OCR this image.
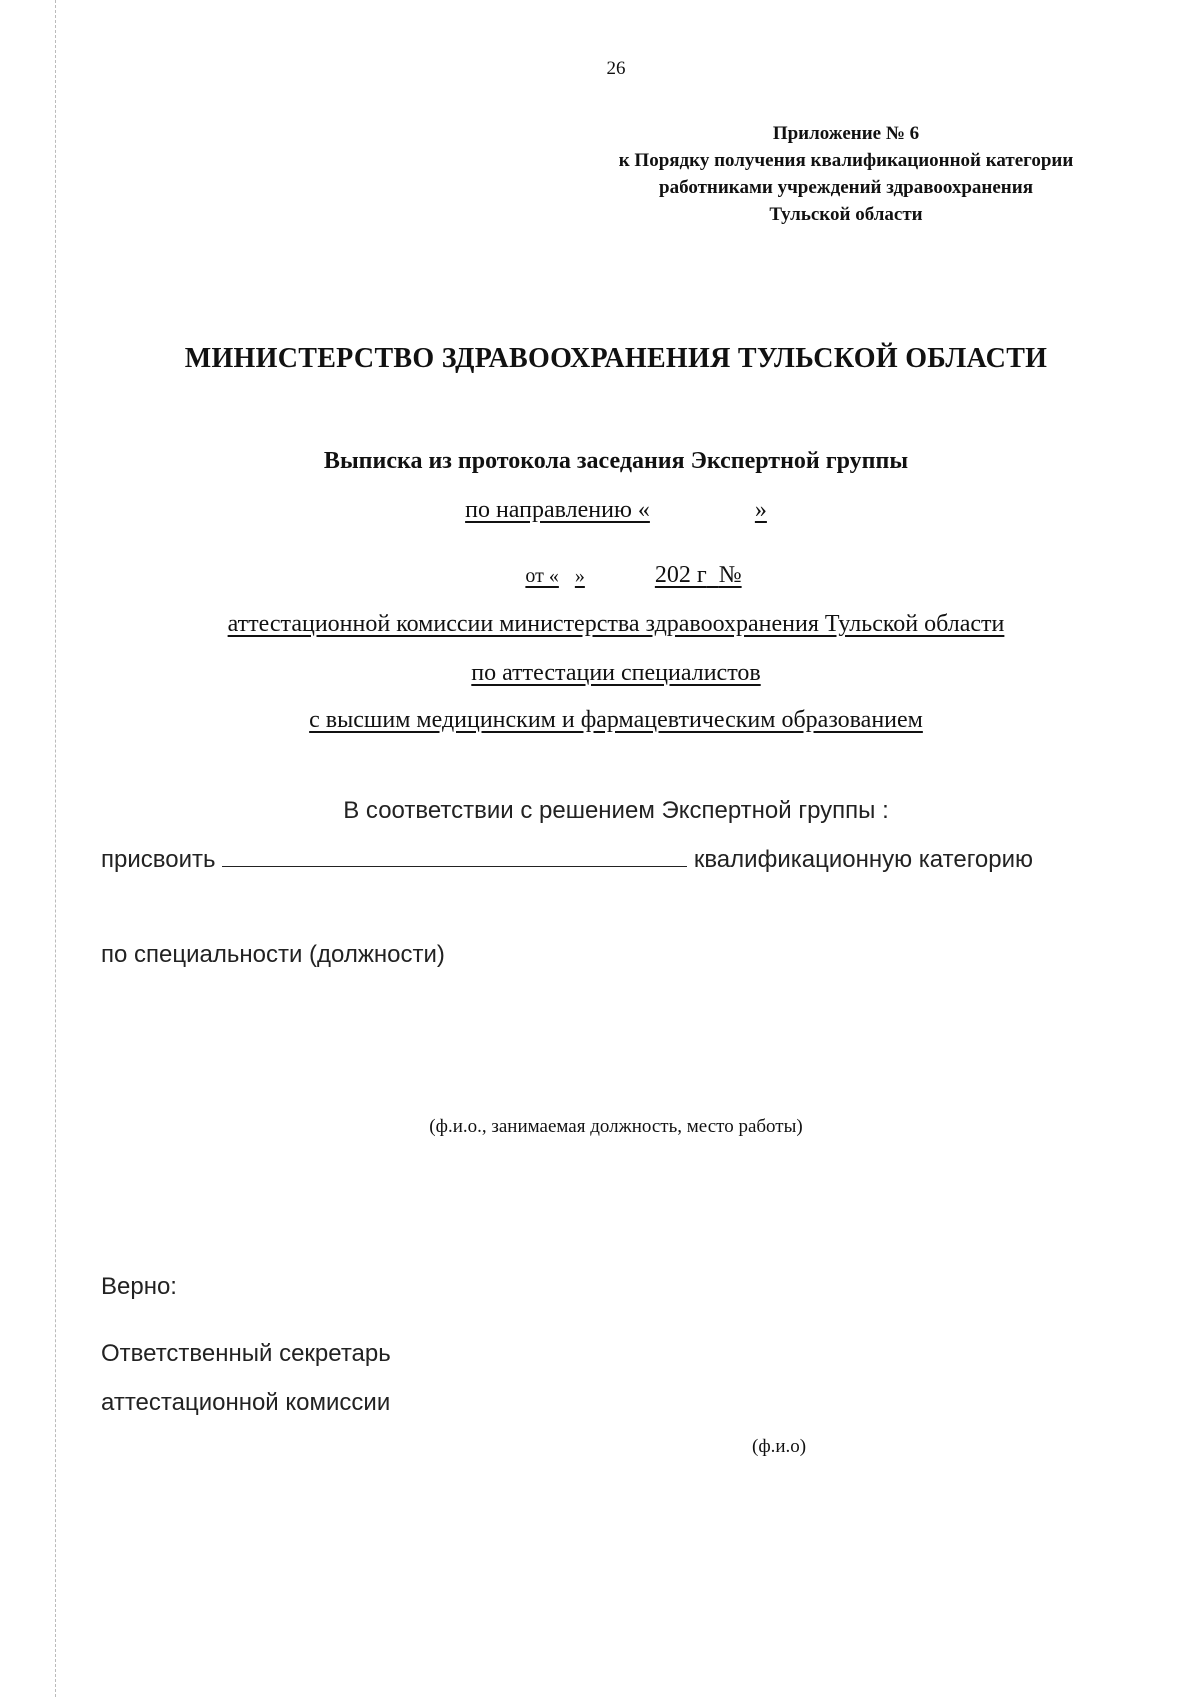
26
Приложение № 6
к Порядку получения квалификационной категории
работниками учреждений здравоохранения
Тульской области
МИНИСТЕРСТВО ЗДРАВООХРАНЕНИЯ ТУЛЬСКОЙ ОБЛАСТИ
Выписка из протокола заседания Экспертной группы
по направлению «	»
от « »	202 г №
аттестационной комиссии министерства здравоохранения Тульской области
по аттестации специалистов
с высшим медицинским и фармацевтическим образованием
В соответствии с решением Экспертной группы :
присвоить	квалификационную категорию
по специальности (должности)
(ф.и.о., занимаемая должность, место работы)
Верно:
Ответственный секретарь
аттестационной комиссии
(ф.и.о)
